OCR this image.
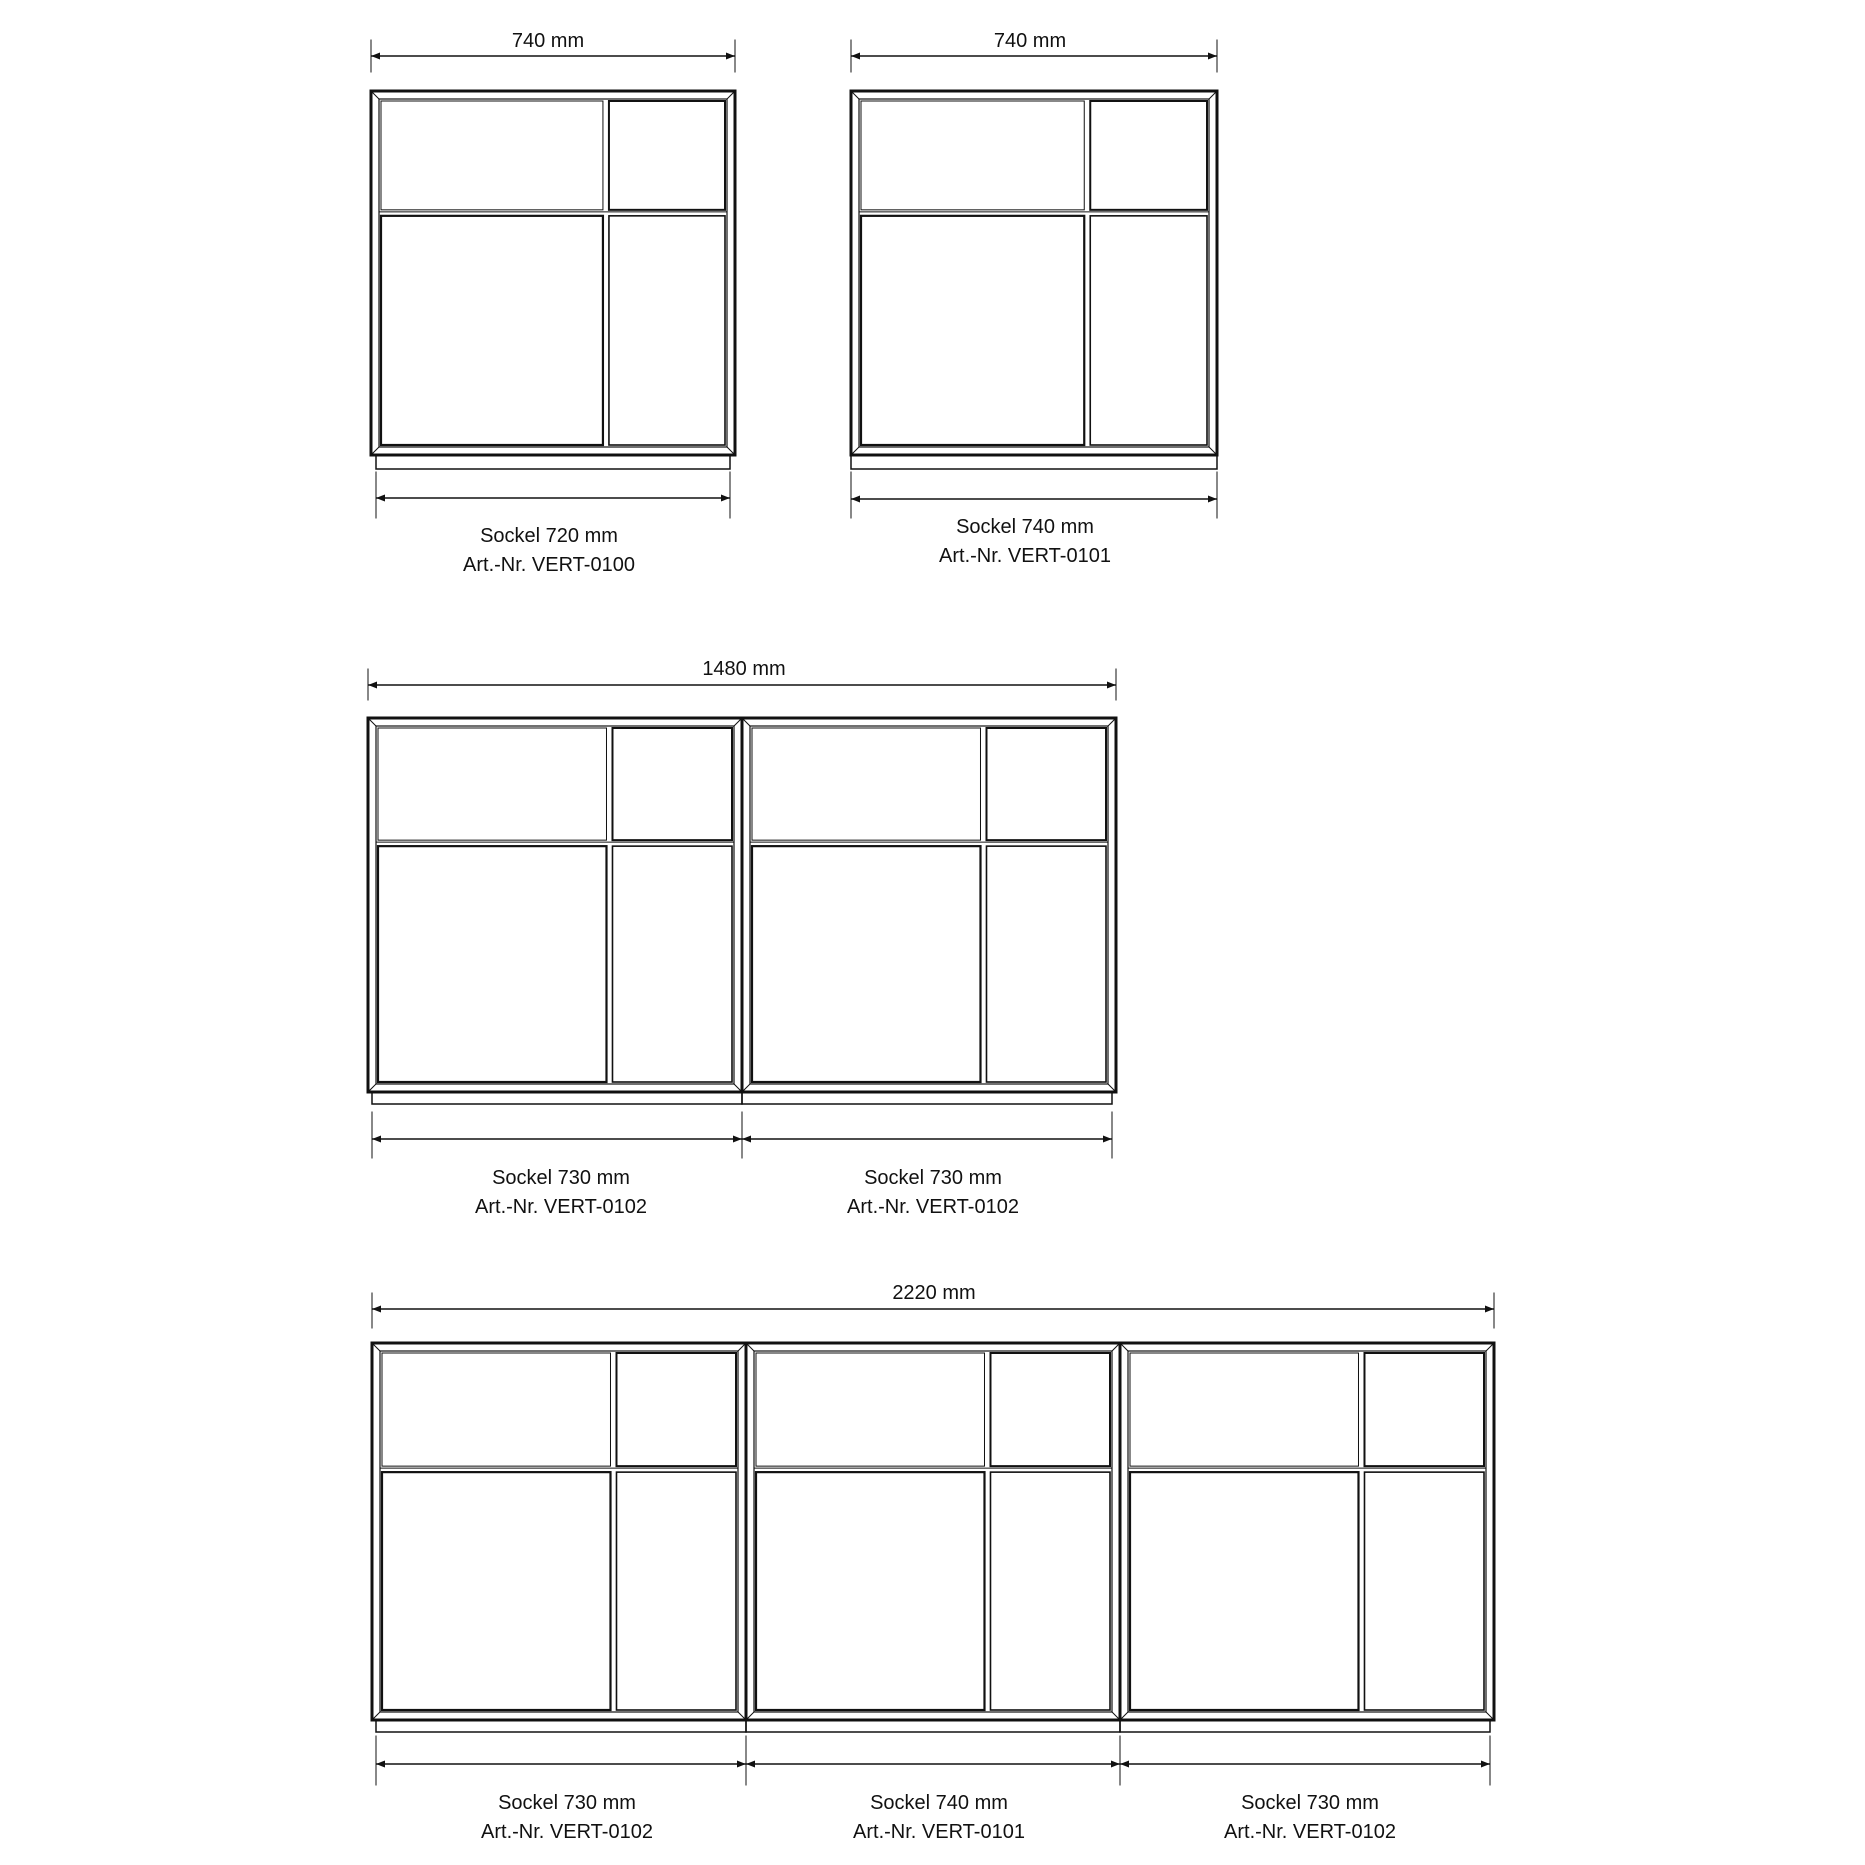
740 mm	740 mm
Sockel 720 mm
Art.-Nr. VERT-0100
Sockel 740 mm
Art.-Nr. VERT-0101
1480 mm
Sockel 730 mm
Art.-Nr. VERT-0102
Sockel 730 mm
Art.-Nr. VERT-0102
2220 mm
Sockel 730 mm
Art.-Nr. VERT-0102
Sockel 740 mm
Art.-Nr. VERT-0101
Sockel 730 mm
Art.-Nr. VERT-0102
